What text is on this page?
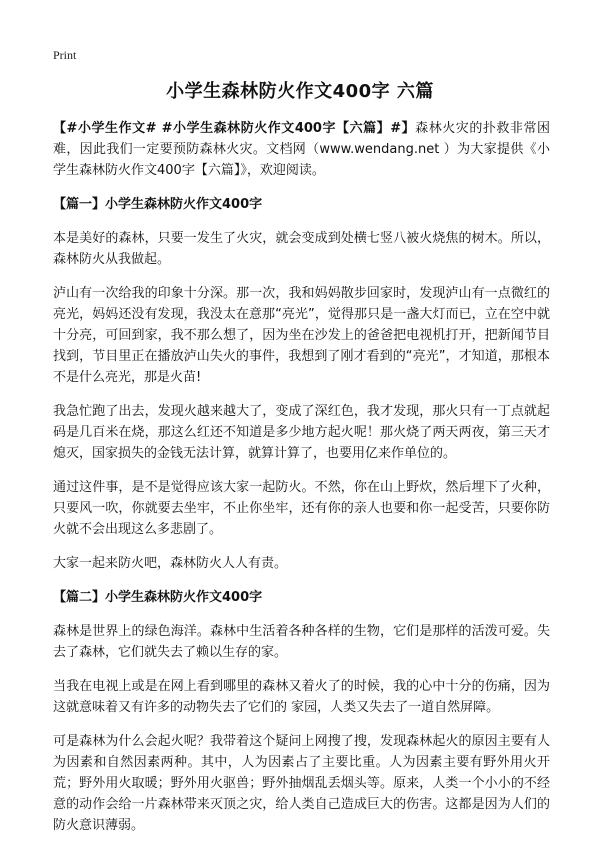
Print
小学生森林防火作文400字 六篇

【#小学生作文# #小学生森林防火作文400字【六篇】#】森林火灾的扑救非常困难，因此我们一定要预防森林火灾。文档网（www.wendang.net ）为大家提供《小学生森林防火作文400字【六篇】》，欢迎阅读。

【篇一】小学生森林防火作文400字

本是美好的森林，只要一发生了火灾，就会变成到处横七竖八被火烧焦的树木。所以，森林防火从我做起。

泸山有一次给我的印象十分深。那一次，我和妈妈散步回家时，发现泸山有一点微红的亮光，妈妈还没有发现，我没太在意那“亮光”，觉得那只是一盏大灯而已，立在空中就十分亮，可回到家，我不那么想了，因为坐在沙发上的爸爸把电视机打开，把新闻节目找到，节目里正在播放泸山失火的事件，我想到了刚才看到的“亮光”，才知道，那根本不是什么亮光，那是火苗!

我急忙跑了出去，发现火越来越大了，变成了深红色，我才发现，那火只有一丁点就起码是几百米在烧，那这么红还不知道是多少地方起火呢！那火烧了两天两夜，第三天才熄灭，国家损失的金钱无法计算，就算计算了，也要用亿来作单位的。

通过这件事，是不是觉得应该大家一起防火。不然，你在山上野炊，然后埋下了火种，只要风一吹，你就要去坐牢，不止你坐牢，还有你的亲人也要和你一起受苦，只要你防火就不会出现这么多悲剧了。

大家一起来防火吧，森林防火人人有责。

【篇二】小学生森林防火作文400字

森林是世界上的绿色海洋。森林中生活着各种各样的生物，它们是那样的活泼可爱。失去了森林，它们就失去了赖以生存的家。

当我在电视上或是在网上看到哪里的森林又着火了的时候，我的心中十分的伤痛，因为这就意味着又有许多的动物失去了它们的 家园，人类又失去了一道自然屏障。

可是森林为什么会起火呢？我带着这个疑问上网搜了搜，发现森林起火的原因主要有人为因素和自然因素两种。其中，人为因素占了主要比重。人为因素主要有野外用火开荒；野外用火取暖；野外用火驱兽；野外抽烟乱丢烟头等。原来，人类一个小小的不经意的动作会给一片森林带来灭顶之灾，给人类自己造成巨大的伤害。这都是因为人们的防火意识薄弱。
